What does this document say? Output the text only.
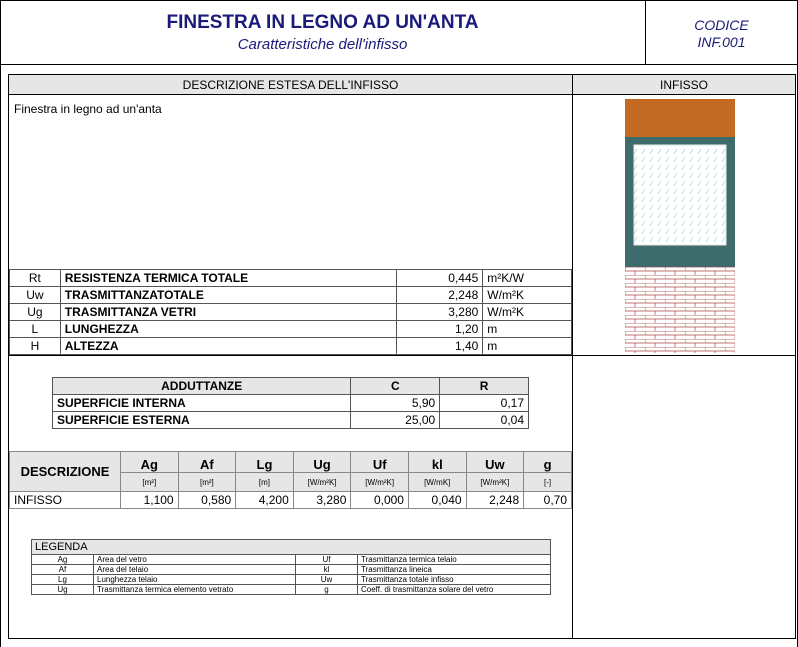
FINESTRA IN LEGNO AD UN'ANTA
Caratteristiche dell'infisso
CODICE
INF.001
DESCRIZIONE ESTESA DELL'INFISSO	INFISSO
Finestra in legno ad un'anta
Rt	RESISTENZA TERMICA TOTALE	0,445	m²K/W
Uw	TRASMITTANZATOTALE	2,248	W/m²K
Ug	TRASMITTANZA VETRI	3,280	W/m²K
L	LUNGHEZZA	1,20	m
H	ALTEZZA	1,40	m
ADDUTTANZE	C	R
SUPERFICIE INTERNA	5,90	0,17
SUPERFICIE ESTERNA	25,00	0,04
DESCRIZIONE	Ag	Af	Lg	Ug	Uf	kl	Uw	g
	[m²]	[m²]	[m]	[W/m²K]	[W/m²K]	[W/mK]	[W/m²K]	[-]
INFISSO	1,100	0,580	4,200	3,280	0,000	0,040	2,248	0,70
LEGENDA			
Ag	Area del vetro	Uf	Trasmittanza termica telaio
Af	Area del telaio	kl	Trasmittanza lineica
Lg	Lunghezza telaio	Uw	Trasmittanza totale infisso
Ug	Trasmittanza termica elemento vetrato	g	Coeff. di trasmittanza solare del vetro
